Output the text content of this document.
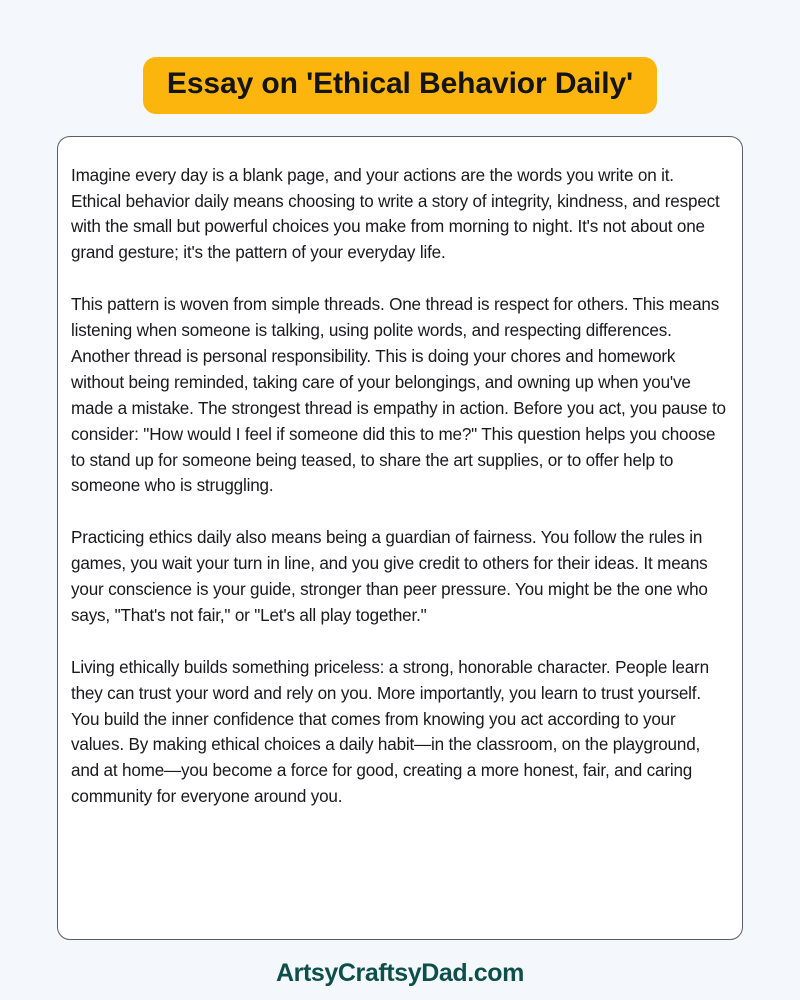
Essay on 'Ethical Behavior Daily'

Imagine every day is a blank page, and your actions are the words you write on it. Ethical behavior daily means choosing to write a story of integrity, kindness, and respect with the small but powerful choices you make from morning to night. It's not about one grand gesture; it's the pattern of your everyday life.

This pattern is woven from simple threads. One thread is respect for others. This means listening when someone is talking, using polite words, and respecting differences. Another thread is personal responsibility. This is doing your chores and homework without being reminded, taking care of your belongings, and owning up when you've made a mistake. The strongest thread is empathy in action. Before you act, you pause to consider: "How would I feel if someone did this to me?" This question helps you choose to stand up for someone being teased, to share the art supplies, or to offer help to someone who is struggling.

Practicing ethics daily also means being a guardian of fairness. You follow the rules in games, you wait your turn in line, and you give credit to others for their ideas. It means your conscience is your guide, stronger than peer pressure. You might be the one who says, "That's not fair," or "Let's all play together."

Living ethically builds something priceless: a strong, honorable character. People learn they can trust your word and rely on you. More importantly, you learn to trust yourself. You build the inner confidence that comes from knowing you act according to your values. By making ethical choices a daily habit—in the classroom, on the playground, and at home—you become a force for good, creating a more honest, fair, and caring community for everyone around you.

ArtsyCraftsyDad.com
